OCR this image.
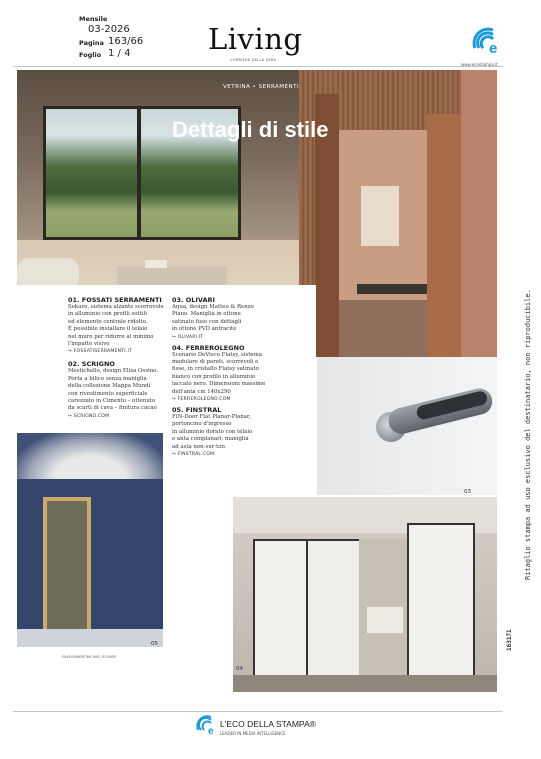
Mensile
03-2026
Pagina 163/66
Foglio 1 / 4	Living
CORRIERE DELLA SERA
e
www.ecostampa.it
VETRINA • SERRAMENTI
Dettagli di stile
01. FOSSATI SERRAMENTI
Sekuro, sistema alzante scorrevole
in alluminio con profili sottili
ed elemento centrale ridotto.
È possibile installare il telaio
nel muro per ridurre al minimo
l'impatto visivo
↪ FOSSATISERRAMENTI.IT
02. SCRIGNO
Mestichello, design Elisa Ossino.
Porta a bilico senza maniglia
della collezione Mappa Mundi
con rivestimento superficiale
carezzato in Cimento – ottenuto
da scarti di cava – finitura cacao
↪ SCRIGNO.COM
03. OLIVARI
Aqua, design Matteo & Renzo
Piano. Maniglia in ottone
satinato fuso con dettagli
in ottone PVD antracite
↪ OLIVARI.IT
04. FERREROLEGNO
Scenario DeVisco Flatsy, sistema
modulare di pareti, scorrevoli e
fisse, in cristallo Flatsy satinato
bianco con profilo in alluminio
laccato nero. Dimensioni massime
dell'anta cm 140x290
↪ FERREROLEGNO.COM
05. FINSTRAL
FIN-Door Flat Planar-Planar,
portoncino d'ingresso
in alluminio dorato con telaio
e anta complanari; maniglia
ad asta non-sur-ton
↪ FINSTRAL.COM
03
05
ENVIRONMENT/MICHAEL ROOMER
04
Ritaglio stampa ad uso esclusivo del destinatario, non riproducibile.
163171
e
L'ECO DELLA STAMPA®
LEADER IN MEDIA INTELLIGENCE
